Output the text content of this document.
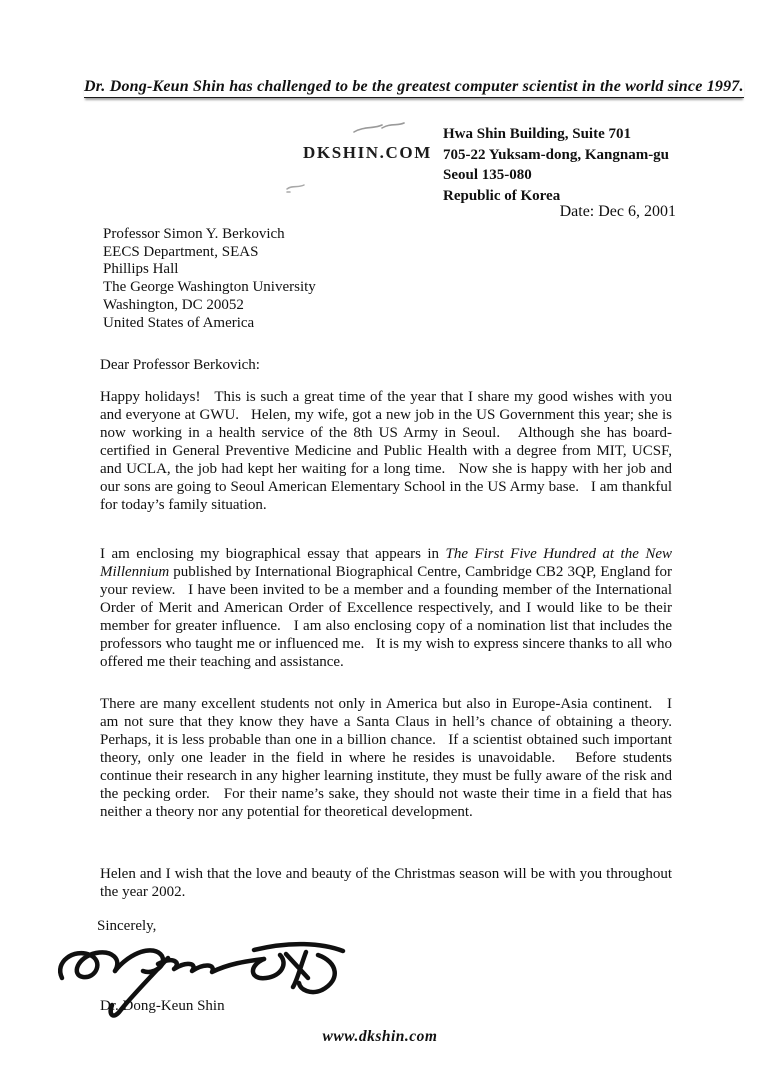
Dr. Dong-Keun Shin has challenged to be the greatest computer scientist in the world since 1997.
DKSHIN.COM
Hwa Shin Building, Suite 701
705-22 Yuksam-dong, Kangnam-gu
Seoul 135-080
Republic of Korea
Date: Dec 6, 2001
Professor Simon Y. Berkovich
EECS Department, SEAS
Phillips Hall
The George Washington University
Washington, DC 20052
United States of America
Dear Professor Berkovich:

Happy holidays!   This is such a great time of the year that I share my good wishes with you and everyone at GWU.   Helen, my wife, got a new job in the US Government this year; she is now working in a health service of the 8th US Army in Seoul.   Although she has board-certified in General Preventive Medicine and Public Health with a degree from MIT, UCSF, and UCLA, the job had kept her waiting for a long time.   Now she is happy with her job and our sons are going to Seoul American Elementary School in the US Army base.   I am thankful for today’s family situation.

I am enclosing my biographical essay that appears in The First Five Hundred at the New Millennium published by International Biographical Centre, Cambridge CB2 3QP, England for your review.   I have been invited to be a member and a founding member of the International Order of Merit and American Order of Excellence respectively, and I would like to be their member for greater influence.   I am also enclosing copy of a nomination list that includes the professors who taught me or influenced me.   It is my wish to express sincere thanks to all who offered me their teaching and assistance.

There are many excellent students not only in America but also in Europe-Asia continent.   I am not sure that they know they have a Santa Claus in hell’s chance of obtaining a theory.   Perhaps, it is less probable than one in a billion chance.   If a scientist obtained such important theory, only one leader in the field in where he resides is unavoidable.   Before students continue their research in any higher learning institute, they must be fully aware of the risk and the pecking order.   For their name’s sake, they should not waste their time in a field that has neither a theory nor any potential for theoretical development.

Helen and I wish that the love and beauty of the Christmas season will be with you throughout the year 2002.

Sincerely,
Dr. Dong-Keun Shin
www.dkshin.com
